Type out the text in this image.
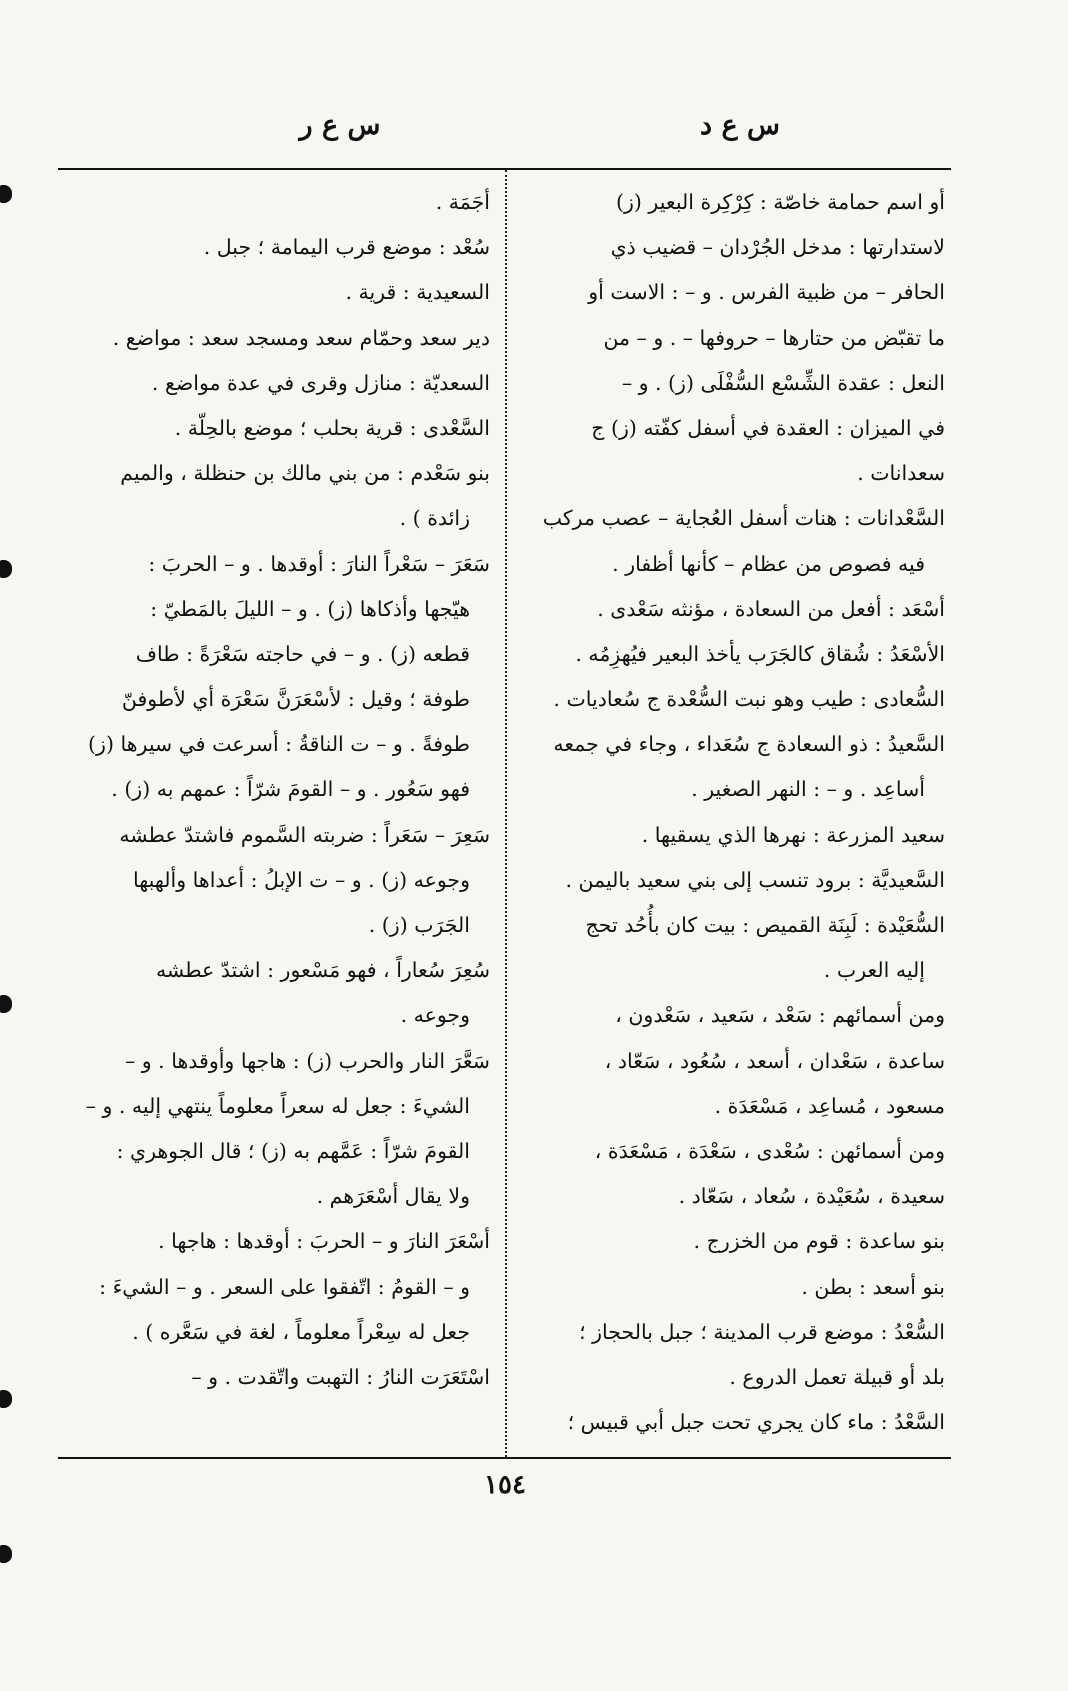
س ع د
س ع ر
أو اسم حمامة خاصّة : كِرْكِرة البعير (ز)
لاستدارتها : مدخل الجُرْدان – قضيب ذي
الحافر – من ظبية الفرس . و – : الاست أو
ما تقبّض من حتارها – حروفها – . و – من
النعل : عقدة الشِّسْع السُّفْلَى (ز) . و –
في الميزان : العقدة في أسفل كفّته (ز) ج
سعدانات .
السَّعْدانات : هنات أسفل العُجاية – عصب مركب
فيه فصوص من عظام – كأنها أظفار .
أسْعَد : أفعل من السعادة ، مؤنثه سَعْدى .
الأسْعَدُ : شُقاق كالجَرَب يأخذ البعير فيُهزِمُه .
السُّعادى : طيب وهو نبت السُّعْدة ج سُعاديات .
السَّعيدُ : ذو السعادة ج سُعَداء ، وجاء في جمعه
أساعِد . و – : النهر الصغير .
سعيد المزرعة : نهرها الذي يسقيها .
السَّعيديَّة : برود تنسب إلى بني سعيد باليمن .
السُّعَيْدة : لَبِنَة القميص : بيت كان بأُحُد تحج
إليه العرب .
ومن أسمائهم : سَعْد ، سَعيد ، سَعْدون ،
ساعدة ، سَعْدان ، أسعد ، سُعُود ، سَعّاد ،
مسعود ، مُساعِد ، مَسْعَدَة .
ومن أسمائهن : سُعْدى ، سَعْدَة ، مَسْعَدَة ،
سعيدة ، سُعَيْدة ، سُعاد ، سَعّاد .
بنو ساعدة : قوم من الخزرج .
بنو أسعد : بطن .
السُّعْدُ : موضع قرب المدينة ؛ جبل بالحجاز ؛
بلد أو قبيلة تعمل الدروع .
السَّعْدُ : ماء كان يجري تحت جبل أبي قبيس ؛
أجَمَة .
سُعْد : موضع قرب اليمامة ؛ جبل .
السعيدية : قرية .
دير سعد وحمّام سعد ومسجد سعد : مواضع .
السعديّة : منازل وقرى في عدة مواضع .
السَّعْدى : قرية بحلب ؛ موضع بالحِلّة .
بنو سَعْدم : من بني مالك بن حنظلة ، والميم
زائدة ) .
سَعَرَ – سَعْراً النارَ : أوقدها . و – الحربَ :
هيّجها وأذكاها (ز) . و – الليلَ بالمَطيّ :
قطعه (ز) . و – في حاجته سَعْرَةً : طاف
طوفة ؛ وقيل : لأسْعَرَنَّ سَعْرَة أي لأطوفنّ
طوفةً . و – ت الناقةُ : أسرعت في سيرها (ز)
فهو سَعُور . و – القومَ شرّاً : عمهم به (ز) .
سَعِرَ – سَعَراً : ضربته السَّموم فاشتدّ عطشه
وجوعه (ز) . و – ت الإبلُ : أعداها وألهبها
الجَرَب (ز) .
سُعِرَ سُعاراً ، فهو مَسْعور : اشتدّ عطشه
وجوعه .
سَعَّرَ النار والحرب (ز) : هاجها وأوقدها . و –
الشيءَ : جعل له سعراً معلوماً ينتهي إليه . و –
القومَ شرّاً : عَمَّهم به (ز) ؛ قال الجوهري :
ولا يقال أسْعَرَهم .
أسْعَرَ النارَ و – الحربَ : أوقدها : هاجها .
و – القومُ : اتّفقوا على السعر . و – الشيءَ :
جعل له سِعْراً معلوماً ، لغة في سَعَّره ) .
اسْتَعَرَت النارُ : التهبت واتّقدت . و –
١٥٤
